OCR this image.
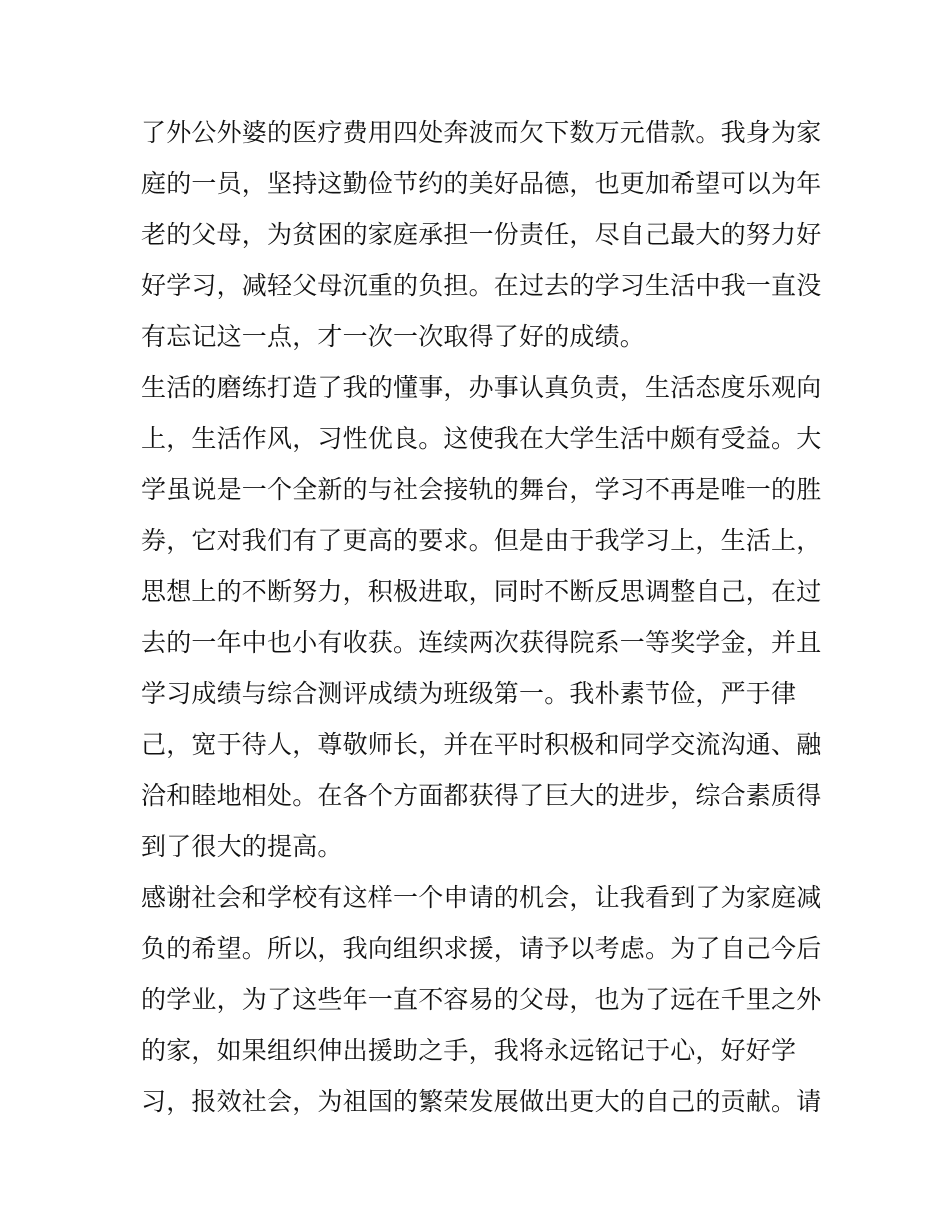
了外公外婆的医疗费用四处奔波而欠下数万元借款。我身为家
庭的一员，坚持这勤俭节约的美好品德，也更加希望可以为年
老的父母，为贫困的家庭承担一份责任，尽自己最大的努力好
好学习，减轻父母沉重的负担。在过去的学习生活中我一直没
有忘记这一点，才一次一次取得了好的成绩。
生活的磨练打造了我的懂事，办事认真负责，生活态度乐观向
上，生活作风，习性优良。这使我在大学生活中颇有受益。大
学虽说是一个全新的与社会接轨的舞台，学习不再是唯一的胜
券，它对我们有了更高的要求。但是由于我学习上，生活上，
思想上的不断努力，积极进取，同时不断反思调整自己，在过
去的一年中也小有收获。连续两次获得院系一等奖学金，并且
学习成绩与综合测评成绩为班级第一。我朴素节俭，严于律
己，宽于待人，尊敬师长，并在平时积极和同学交流沟通、融
洽和睦地相处。在各个方面都获得了巨大的进步，综合素质得
到了很大的提高。
感谢社会和学校有这样一个申请的机会，让我看到了为家庭减
负的希望。所以，我向组织求援，请予以考虑。为了自己今后
的学业，为了这些年一直不容易的父母，也为了远在千里之外
的家，如果组织伸出援助之手，我将永远铭记于心，好好学
习，报效社会，为祖国的繁荣发展做出更大的自己的贡献。请
